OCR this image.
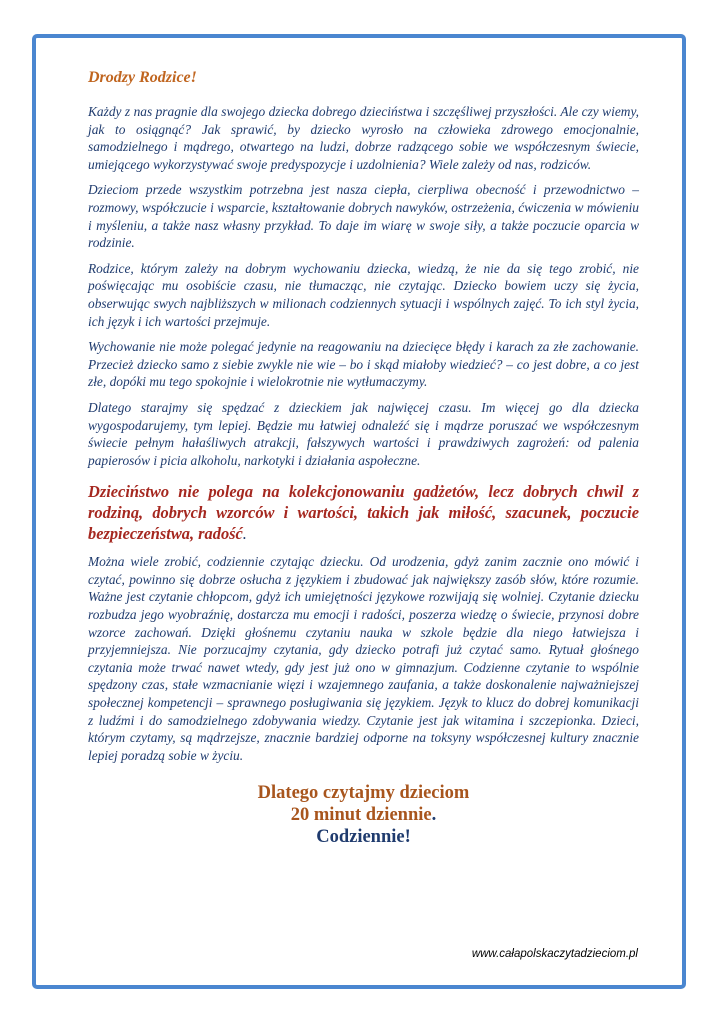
Drodzy Rodzice!

Każdy z nas pragnie dla swojego dziecka dobrego dzieciństwa i szczęśliwej przyszłości. Ale czy wiemy, jak to osiągnąć? Jak sprawić, by dziecko wyrosło na człowieka zdrowego emocjonalnie, samodzielnego i mądrego, otwartego na ludzi, dobrze radzącego sobie we współczesnym świecie, umiejącego wykorzystywać swoje predyspozycje i uzdolnienia? Wiele zależy od nas, rodziców.

Dzieciom przede wszystkim potrzebna jest nasza ciepła, cierpliwa obecność i przewodnictwo – rozmowy, współczucie i wsparcie, kształtowanie dobrych nawyków, ostrzeżenia, ćwiczenia w mówieniu i myśleniu, a także nasz własny przykład. To daje im wiarę w swoje siły, a także poczucie oparcia w rodzinie.

Rodzice, którym zależy na dobrym wychowaniu dziecka, wiedzą, że nie da się tego zrobić, nie poświęcając mu osobiście czasu, nie tłumacząc, nie czytając. Dziecko bowiem uczy się życia, obserwując swych najbliższych w milionach codziennych sytuacji i wspólnych zajęć. To ich styl życia, ich język i ich wartości przejmuje.

Wychowanie nie może polegać jedynie na reagowaniu na dziecięce błędy i karach za złe zachowanie. Przecież dziecko samo z siebie zwykle nie wie – bo i skąd miałoby wiedzieć? – co jest dobre, a co jest złe, dopóki mu tego spokojnie i wielokrotnie nie wytłumaczymy.

Dlatego starajmy się spędzać z dzieckiem jak najwięcej czasu. Im więcej go dla dziecka wygospodarujemy, tym lepiej. Będzie mu łatwiej odnaleźć się i mądrze poruszać we współczesnym świecie pełnym hałaśliwych atrakcji, fałszywych wartości i prawdziwych zagrożeń: od palenia papierosów i picia alkoholu, narkotyki i działania aspołeczne.

Dzieciństwo nie polega na kolekcjonowaniu gadżetów, lecz dobrych chwil z rodziną, dobrych wzorców i wartości, takich jak miłość, szacunek, poczucie bezpieczeństwa, radość.

Można wiele zrobić, codziennie czytając dziecku. Od urodzenia, gdyż zanim zacznie ono mówić i czytać, powinno się dobrze osłucha z językiem i zbudować jak największy zasób słów, które rozumie. Ważne jest czytanie chłopcom, gdyż ich umiejętności językowe rozwijają się wolniej. Czytanie dziecku rozbudza jego wyobraźnię, dostarcza mu emocji i radości, poszerza wiedzę o świecie, przynosi dobre wzorce zachowań. Dzięki głośnemu czytaniu nauka w szkole będzie dla niego łatwiejsza i przyjemniejsza. Nie porzucajmy czytania, gdy dziecko potrafi już czytać samo. Rytuał głośnego czytania może trwać nawet wtedy, gdy jest już ono w gimnazjum. Codzienne czytanie to wspólnie spędzony czas, stałe wzmacnianie więzi i wzajemnego zaufania, a także doskonalenie najważniejszej społecznej kompetencji – sprawnego posługiwania się językiem. Język to klucz do dobrej komunikacji z ludźmi i do samodzielnego zdobywania wiedzy. Czytanie jest jak witamina i szczepionka. Dzieci, którym czytamy, są mądrzejsze, znacznie bardziej odporne na toksyny współczesnej kultury znacznie lepiej poradzą sobie w życiu.

Dlatego czytajmy dzieciom
20 minut dziennie.
Codziennie!
www.całapolskaczytadzieciom.pl
